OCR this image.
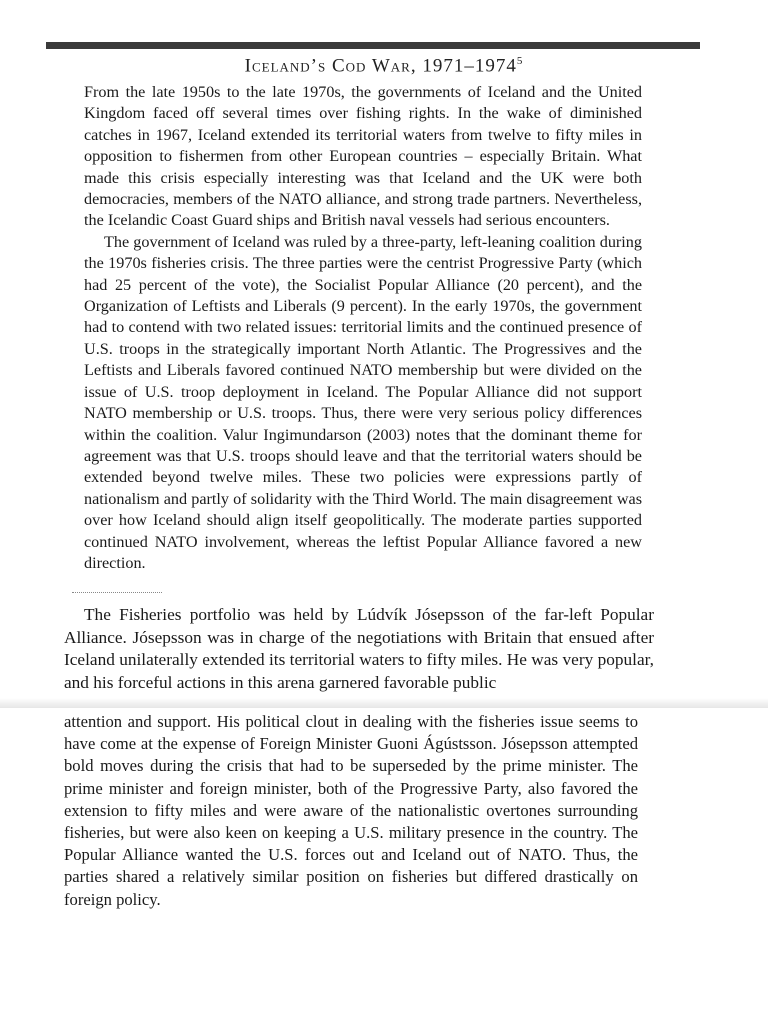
Iceland’s Cod War, 1971–1974$^5$

From the late 1950s to the late 1970s, the governments of Iceland and the United Kingdom faced off several times over fishing rights. In the wake of diminished catches in 1967, Iceland extended its territorial waters from twelve to fifty miles in opposition to fishermen from other European countries – especially Britain. What made this crisis especially interesting was that Iceland and the UK were both democracies, members of the NATO alliance, and strong trade partners. Nevertheless, the Icelandic Coast Guard ships and British naval vessels had serious encounters.

The government of Iceland was ruled by a three-party, left-leaning coalition during the 1970s fisheries crisis. The three parties were the centrist Progressive Party (which had 25 percent of the vote), the Socialist Popular Alliance (20 percent), and the Organization of Leftists and Liberals (9 percent). In the early 1970s, the government had to contend with two related issues: territorial limits and the continued presence of U.S. troops in the strategically important North Atlantic. The Progressives and the Leftists and Liberals favored continued NATO membership but were divided on the issue of U.S. troop deployment in Iceland. The Popular Alliance did not support NATO membership or U.S. troops. Thus, there were very serious policy differences within the coalition. Valur Ingimundarson (2003) notes that the dominant theme for agreement was that U.S. troops should leave and that the territorial waters should be extended beyond twelve miles. These two policies were expressions partly of nationalism and partly of solidarity with the Third World. The main disagreement was over how Iceland should align itself geopolitically. The moderate parties supported continued NATO involvement, whereas the leftist Popular Alliance favored a new direction.

The Fisheries portfolio was held by Lúdvík Jósepsson of the far-left Popular Alliance. Jósepsson was in charge of the negotiations with Britain that ensued after Iceland unilaterally extended its territorial waters to fifty miles. He was very popular, and his forceful actions in this arena garnered favorable public

attention and support. His political clout in dealing with the fisheries issue seems to have come at the expense of Foreign Minister Guoni Ágústsson. Jósepsson attempted bold moves during the crisis that had to be superseded by the prime minister. The prime minister and foreign minister, both of the Progressive Party, also favored the extension to fifty miles and were aware of the nationalistic overtones surrounding fisheries, but were also keen on keeping a U.S. military presence in the country. The Popular Alliance wanted the U.S. forces out and Iceland out of NATO. Thus, the parties shared a relatively similar position on fisheries but differed drastically on foreign policy.
